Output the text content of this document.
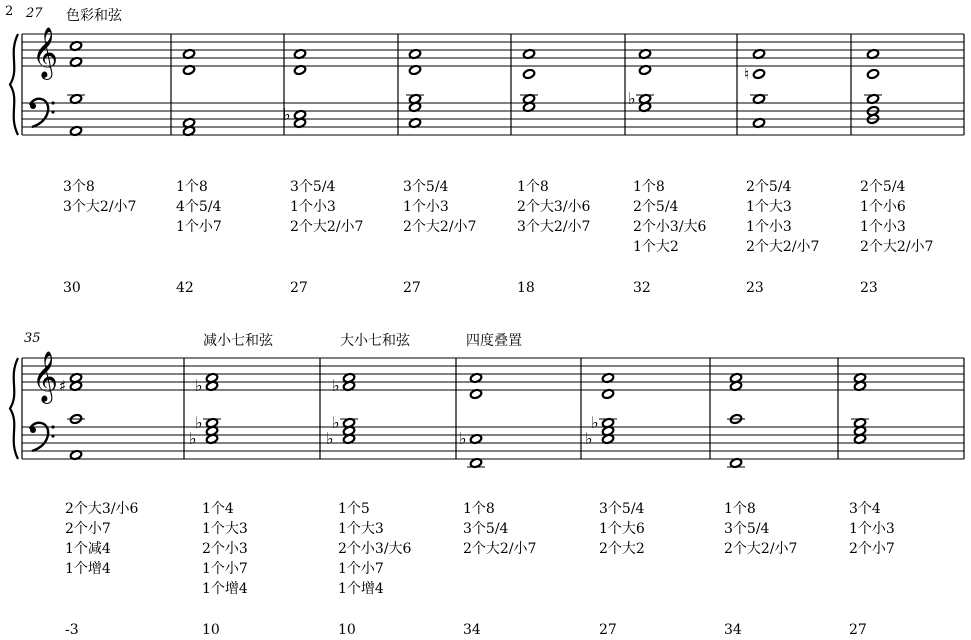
𝄞
♭
♭
♮
𝄞 ♯	♭
♭
♭
♭
♭
♭	♭
♭
♭
2 27 色彩和弦
3个8
3个大2/小7
30
1个8
4个5/4
1个小7
42
3个5/4
1个小3
2个大2/小7
27
3个5/4
1个小3
2个大2/小7
27
1个8
2个大3/小6
3个大2/小7
18
1个8
2个5/4
2个小3/大6
1个大2
32
2个5/4
1个大3
1个小3
2个大2/小7
23
2个5/4
1个小6
1个小3
2个大2/小7
23
2个大3/小6
2个小7
1个减4
1个增4
-3
1个4
1个大3
2个小3
1个小7
1个增4
10
1个5
1个大3
2个小3/大6
1个小7
1个增4
10
1个8
3个5/4
2个大2/小7
34
3个5/4
1个大6
2个大2
27
1个8
3个5/4
2个大2/小7
34
3个4
1个小3
2个小7
27
35	减小七和弦	大小七和弦	四度叠置
